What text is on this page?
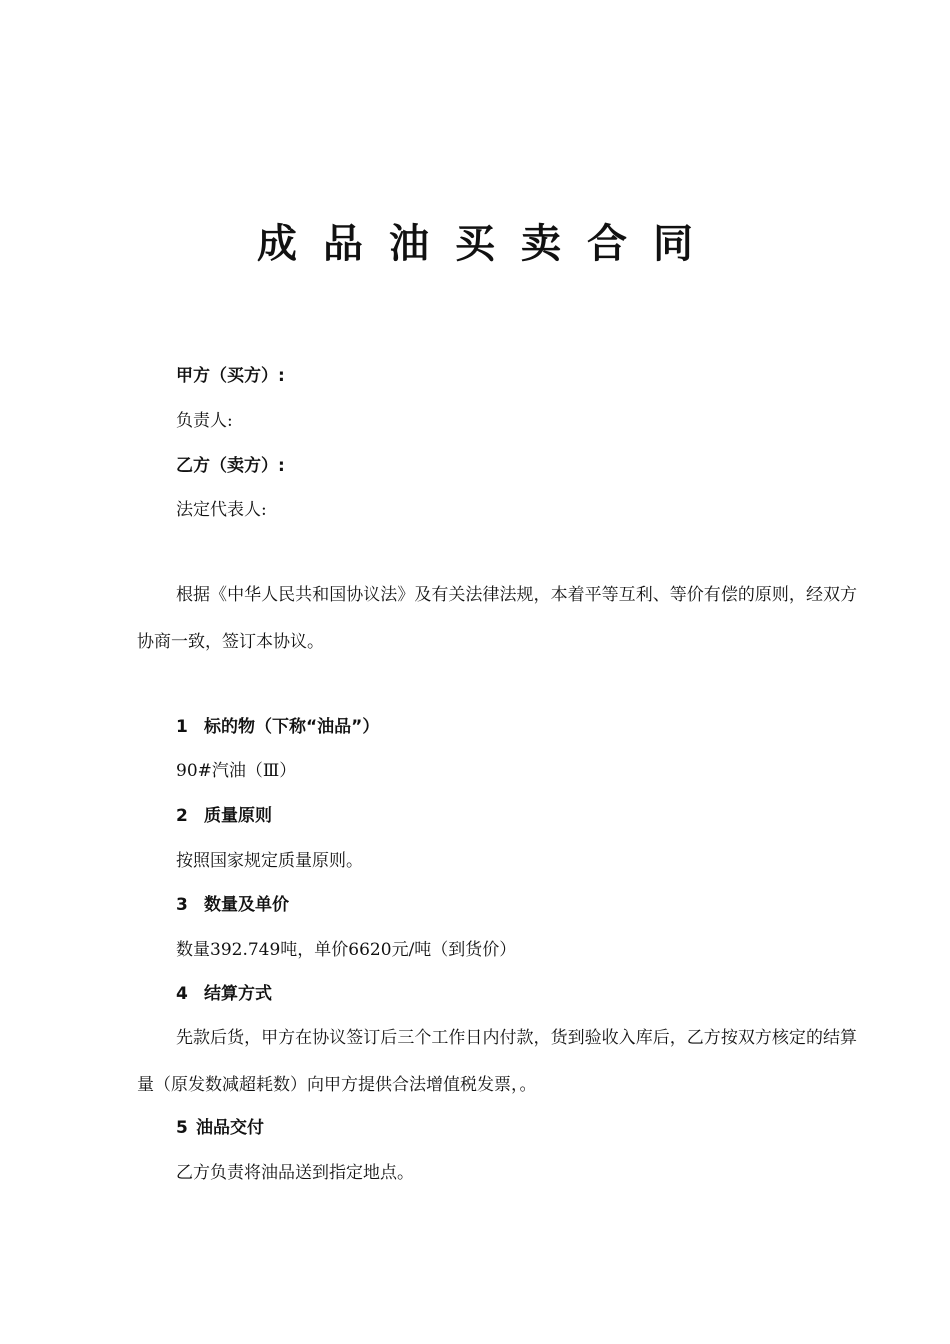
成品油买卖合同
甲方（买方）:
负责人:
乙方（卖方）:
法定代表人:
根据《中华人民共和国协议法》及有关法律法规，本着平等互利、等价有偿的原则，经双方协商一致，签订本协议。
1 标的物（下称“油品”）
90#汽油（Ⅲ）
2 质量原则
按照国家规定质量原则。
3 数量及单价
数量392.749吨，单价6620元/吨（到货价）
4 结算方式
先款后货，甲方在协议签订后三个工作日内付款，货到验收入库后，乙方按双方核定的结算量（原发数减超耗数）向甲方提供合法增值税发票，。
5 油品交付
乙方负责将油品送到指定地点。
